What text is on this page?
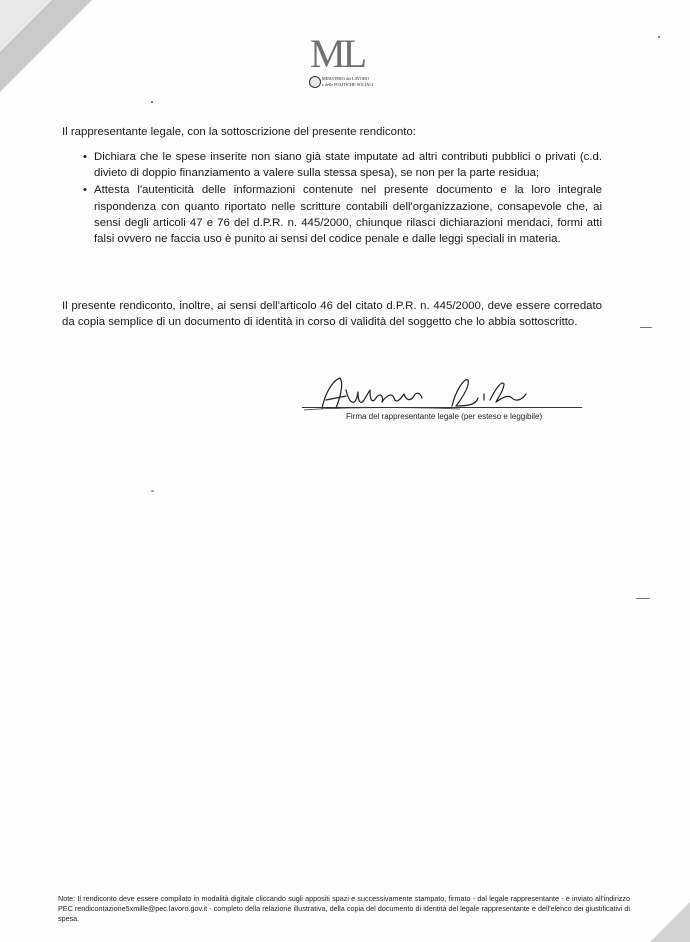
ML
MINISTERO del LAVORO
e delle POLITICHE SOCIALI

Il rappresentante legale, con la sottoscrizione del presente rendiconto:

• Dichiara che le spese inserite non siano già state imputate ad altri contributi pubblici o privati (c.d. divieto di doppio finanziamento a valere sulla stessa spesa), se non per la parte residua;
• Attesta l'autenticità delle informazioni contenute nel presente documento e la loro integrale rispondenza con quanto riportato nelle scritture contabili dell'organizzazione, consapevole che, ai sensi degli articoli 47 e 76 del d.P.R. n. 445/2000, chiunque rilasci dichiarazioni mendaci, formi atti falsi ovvero ne faccia uso è punito ai sensi del codice penale e dalle leggi speciali in materia.

Il presente rendiconto, inoltre, ai sensi dell'articolo 46 del citato d.P.R. n. 445/2000, deve essere corredato da copia semplice di un documento di identità in corso di validità del soggetto che lo abbia sottoscritto.

Firma del rappresentante legale (per esteso e leggibile)

Note: Il rendiconto deve essere compilato in modalità digitale cliccando sugli appositi spazi e successivamente stampato, firmato - dal legale rappresentante - e inviato all'indirizzo PEC rendicontazione5xmille@pec.lavoro.gov.it - completo della relazione illustrativa, della copia del documento di identità del legale rappresentante e dell'elenco dei giustificativi di spesa.
